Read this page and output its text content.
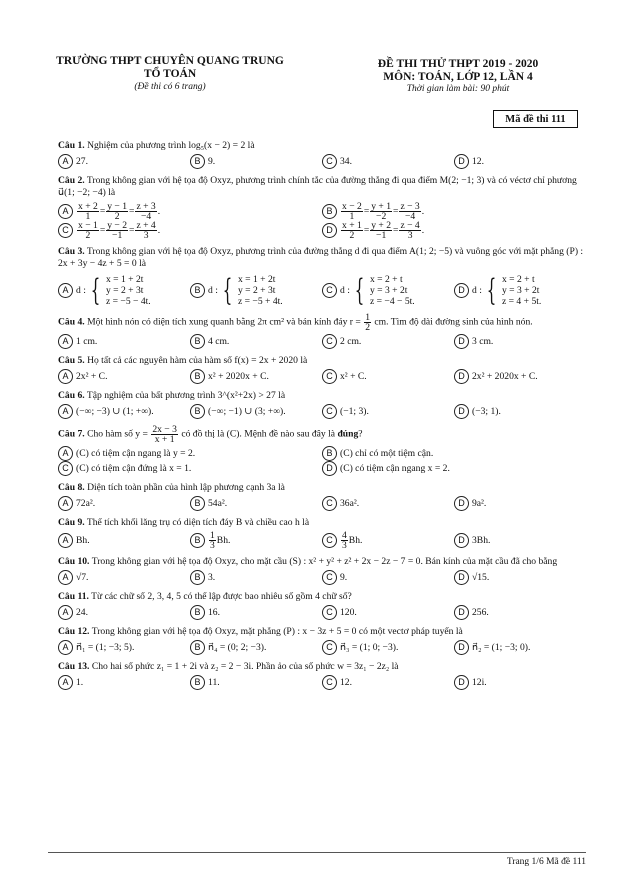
TRƯỜNG THPT CHUYÊN QUANG TRUNG
TỔ TOÁN
(Đề thi có 6 trang)
ĐỀ THI THỬ THPT 2019 - 2020
MÔN: TOÁN, LỚP 12, LẦN 4
Thời gian làm bài: 90 phút
Mã đề thi 111
Câu 1. Nghiệm của phương trình log₅(x − 2) = 2 là
A 27.	B 9.	C 34.	D 12.
Câu 2. Trong không gian với hệ tọa độ Oxyz, phương trình chính tắc của đường thẳng đi qua điểm M(2; −1; 3) và có véctơ chỉ phương u⃗(1; −2; −4) là
A $\frac{x + 2}{1} = \frac{y - 1}{2} = \frac{z + 3}{-4}$ .	B $\frac{x - 2}{1} = \frac{y + 1}{-2} = \frac{z - 3}{-4}$ .
C $\frac{x - 1}{2} = \frac{y - 2}{-1} = \frac{z + 4}{3}$ .	D $\frac{x + 1}{2} = \frac{y + 2}{-1} = \frac{z - 4}{3}$ .
Câu 3. Trong không gian với hệ tọa độ Oxyz, phương trình của đường thẳng d đi qua điểm A(1; 2; −5) và vuông góc với mặt phẳng (P) : 2x + 3y − 4z + 5 = 0 là
A d : { x = 1 + 2t
y = 2 + 3t
z = −5 − 4t.
B d : { x = 1 + 2t
y = 2 + 3t
z = −5 + 4t.
C d : { x = 2 + t
y = 3 + 2t
z = −4 − 5t.
D d : { x = 2 + t
y = 3 + 2t
z = 4 + 5t.
Câu 4. Một hình nón có diện tích xung quanh bằng 2π cm² và bán kính đáy $r = \frac{1}{2}$ cm. Tìm độ dài đường sinh của hình nón.
A 1 cm.	B 4 cm.	C 2 cm.	D 3 cm.
Câu 5. Họ tất cả các nguyên hàm của hàm số f(x) = 2x + 2020 là
A 2x² + C.	B x² + 2020x + C.	C x² + C.	D 2x² + 2020x + C.
Câu 6. Tập nghiệm của bất phương trình 3^(x²+2x) > 27 là
A (−∞; −3) ∪ (1; +∞).	B (−∞; −1) ∪ (3; +∞).	C (−1; 3).	D (−3; 1).
Câu 7. Cho hàm số $y = \frac{2x - 3}{x + 1}$ có đồ thị là (C). Mệnh đề nào sau đây là đúng?
A (C) có tiệm cận ngang là y = 2.	B (C) chỉ có một tiệm cận.
C (C) có tiệm cận đứng là x = 1.	D (C) có tiệm cận ngang x = 2.
Câu 8. Diện tích toàn phần của hình lập phương cạnh 3a là
A 72a².	B 54a².	C 36a².	D 9a².
Câu 9. Thể tích khối lăng trụ có diện tích đáy B và chiều cao h là
A Bh.	B $\frac{1}{3} Bh$.	C $\frac{4}{3} Bh$.	D 3Bh.
Câu 10. Trong không gian với hệ tọa độ Oxyz, cho mặt cầu (S) : x² + y² + z² + 2x − 2z − 7 = 0. Bán kính của mặt cầu đã cho bằng
A √7.	B 3.	C 9.	D √15.
Câu 11. Từ các chữ số 2, 3, 4, 5 có thể lập được bao nhiêu số gồm 4 chữ số?
A 24.	B 16.	C 120.	D 256.
Câu 12. Trong không gian với hệ tọa độ Oxyz, mặt phẳng (P) : x − 3z + 5 = 0 có một vectơ pháp tuyến là
A n⃗₁ = (1; −3; 5).	B n⃗₄ = (0; 2; −3).	C n⃗₃ = (1; 0; −3).	D n⃗₂ = (1; −3; 0).
Câu 13. Cho hai số phức z₁ = 1 + 2i và z₂ = 2 − 3i. Phần ảo của số phức w = 3z₁ − 2z₂ là
A 1.	B 11.	C 12.	D 12i.
Trang 1/6 Mã đề 111
